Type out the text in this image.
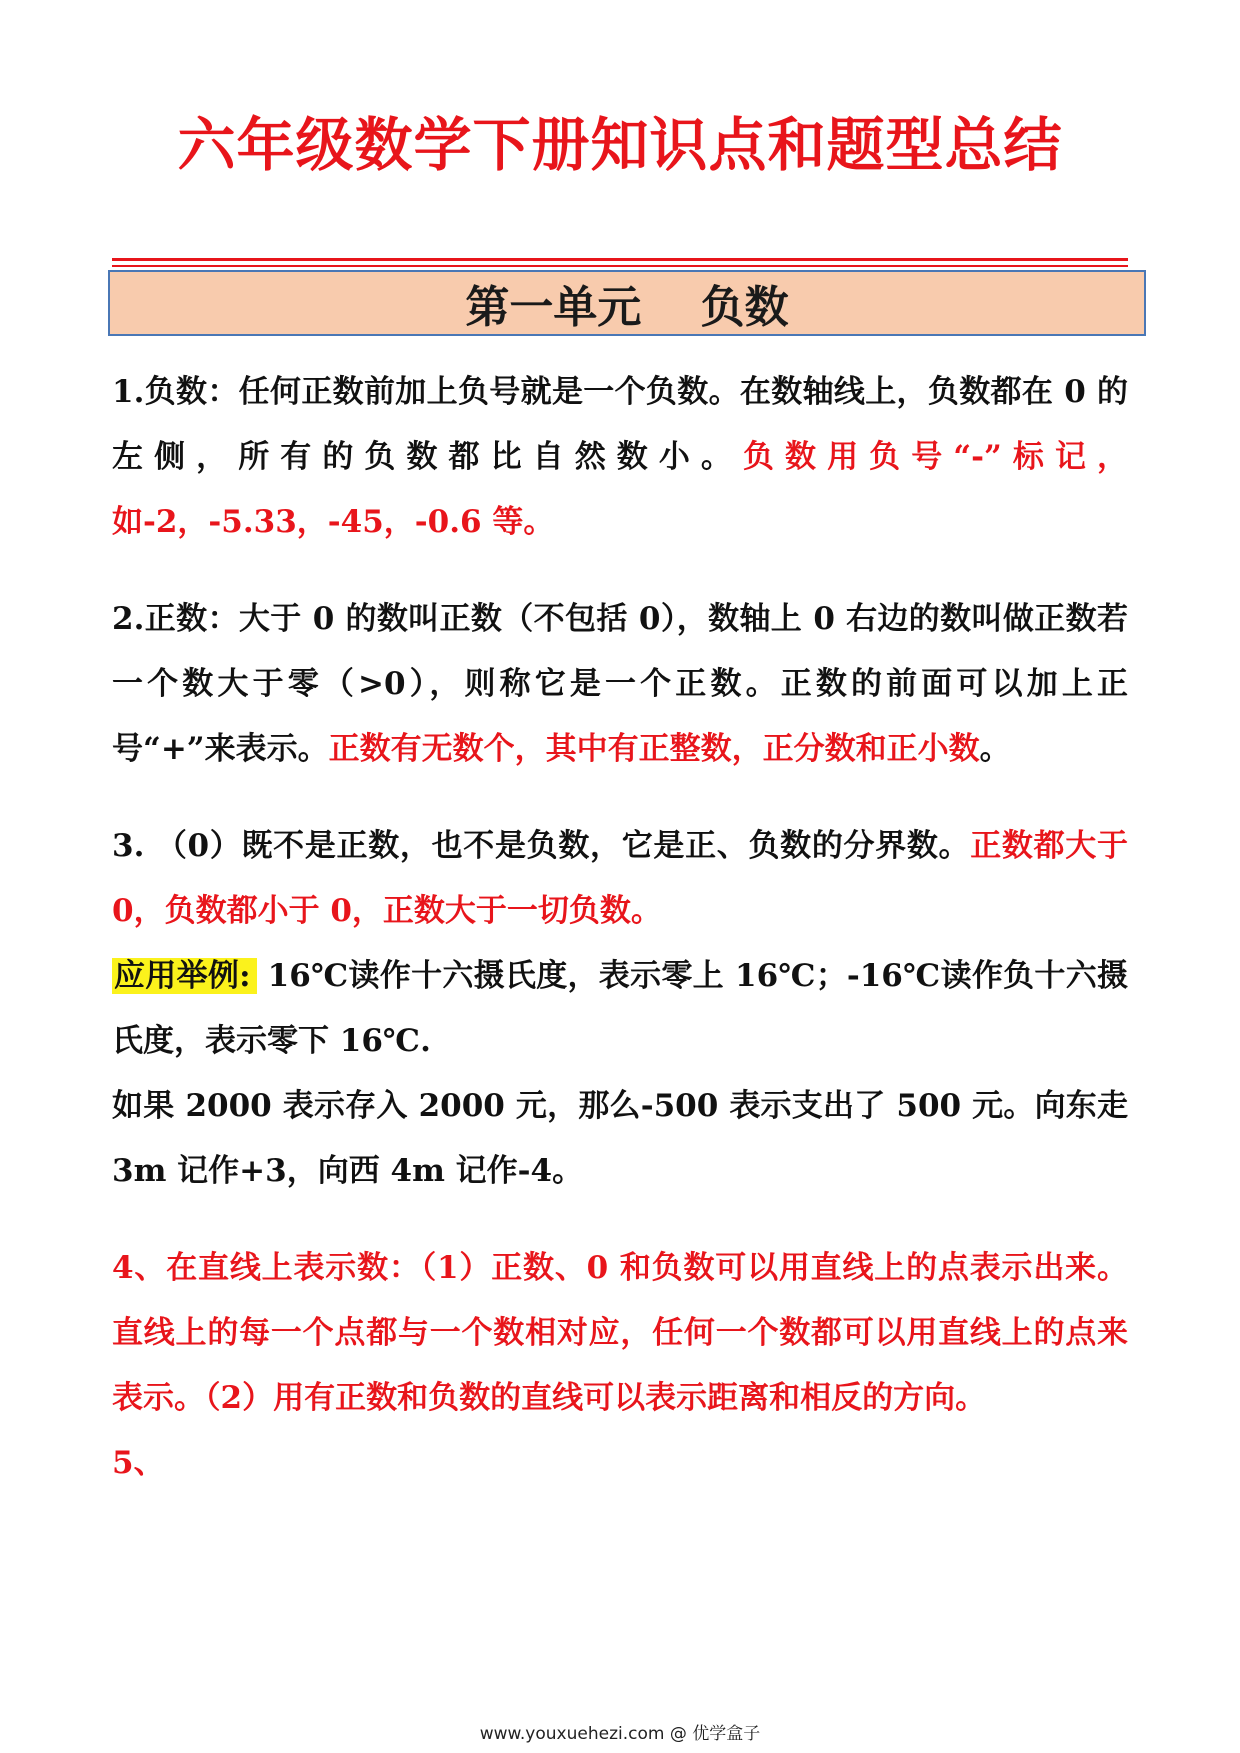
六年级数学下册知识点和题型总结
第一单元　 负数

1.负数：任何正数前加上负号就是一个负数。在数轴线上，负数都在 0 的左侧，所有的负数都比自然数小。负数用负号“-”标记，如-2，-5.33，-45，-0.6 等。

2.正数：大于 0 的数叫正数（不包括 0），数轴上 0 右边的数叫做正数若一个数大于零（>0），则称它是一个正数。正数的前面可以加上正号“+”来表示。正数有无数个，其中有正整数，正分数和正小数。

3. （0）既不是正数，也不是负数，它是正、负数的分界数。正数都大于 0，负数都小于 0，正数大于一切负数。

应用举例: 16℃读作十六摄氏度，表示零上 16℃；-16℃读作负十六摄氏度，表示零下 16℃.

如果 2000 表示存入 2000 元，那么-500 表示支出了 500 元。向东走 3m 记作+3，向西 4m 记作-4。

4、在直线上表示数：（1）正数、0 和负数可以用直线上的点表示出来。直线上的每一个点都与一个数相对应，任何一个数都可以用直线上的点来表示。（2）用有正数和负数的直线可以表示距离和相反的方向。

5、

www.youxuehezi.com @ 优学盒子
